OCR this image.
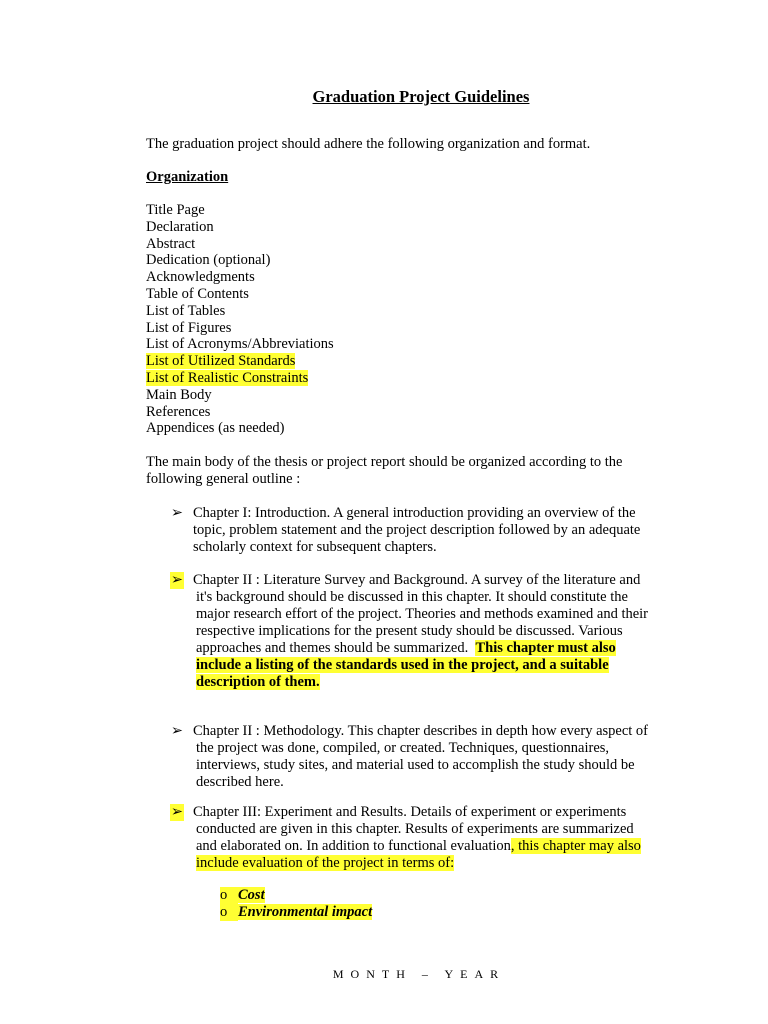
Graduation Project Guidelines
The graduation project should adhere the following organization and format.
Organization
Title Page
Declaration
Abstract
Dedication (optional)
Acknowledgments
Table of Contents
List of Tables
List of Figures
List of Acronyms/Abbreviations
List of Utilized Standards
List of Realistic Constraints
Main Body
References
Appendices (as needed)
The main body of the thesis or project report should be organized according to the
following general outline :
➢ Chapter I: Introduction. A general introduction providing an overview of the
topic, problem statement and the project description followed by an adequate
scholarly context for subsequent chapters.
➢ Chapter II : Literature Survey and Background. A survey of the literature and
it's background should be discussed in this chapter. It should constitute the
major research effort of the project. Theories and methods examined and their
respective implications for the present study should be discussed. Various
approaches and themes should be summarized. This chapter must also
include a listing of the standards used in the project, and a suitable
description of them.
➢ Chapter II : Methodology. This chapter describes in depth how every aspect of
the project was done, compiled, or created. Techniques, questionnaires,
interviews, study sites, and material used to accomplish the study should be
described here.
➢ Chapter III: Experiment and Results. Details of experiment or experiments
conducted are given in this chapter. Results of experiments are summarized
and elaborated on. In addition to functional evaluation, this chapter may also
include evaluation of the project in terms of:
o Cost
o Environmental impact
MONTH – YEAR
